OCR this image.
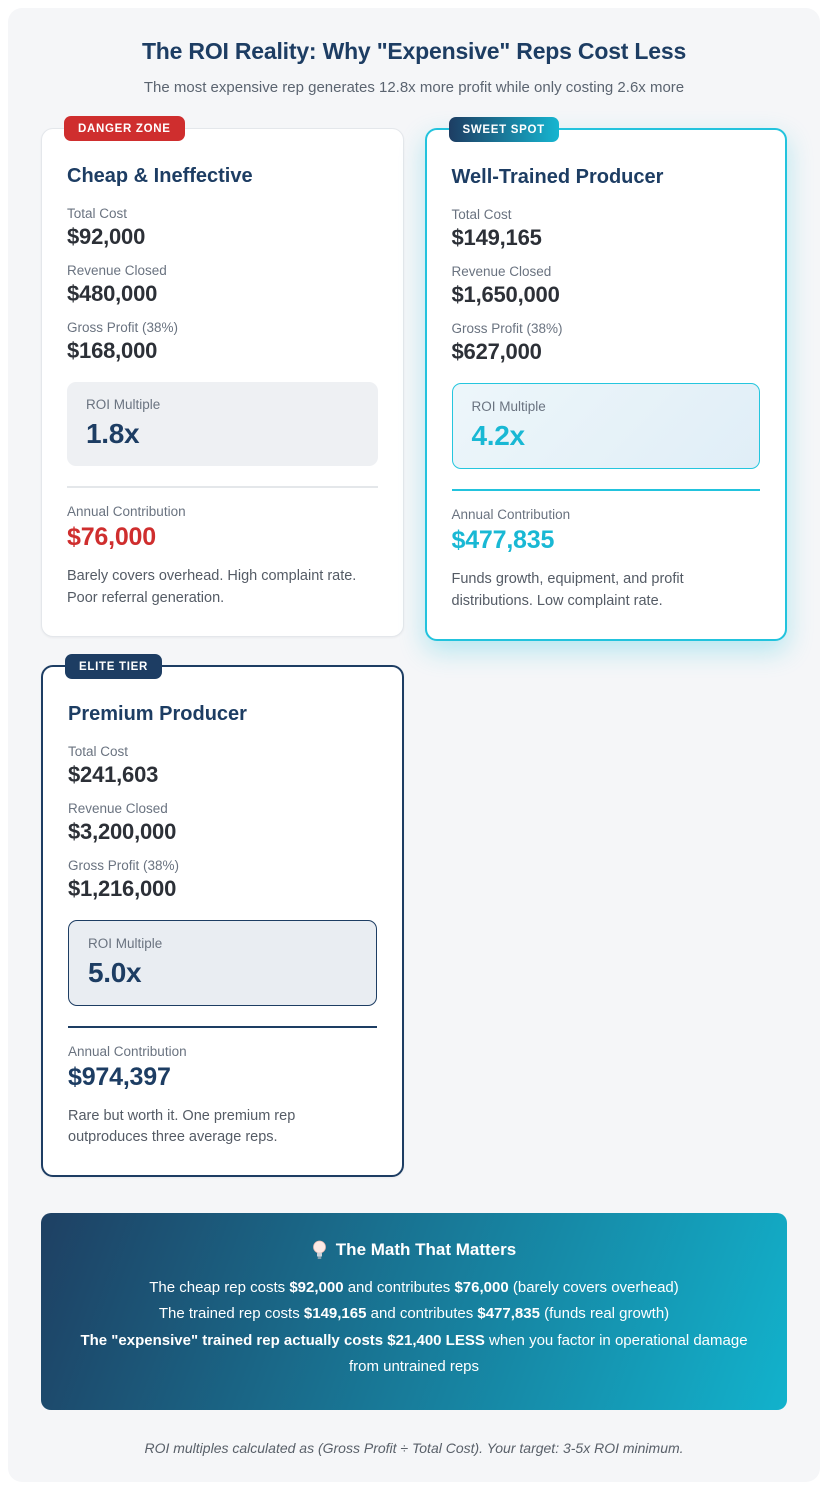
The ROI Reality: Why "Expensive" Reps Cost Less
The most expensive rep generates 12.8x more profit while only costing 2.6x more
DANGER ZONE
Cheap & Ineffective
Total Cost
$92,000
Revenue Closed
$480,000
Gross Profit (38%)
$168,000
ROI Multiple
1.8x
Annual Contribution
$76,000
Barely covers overhead. High complaint rate. Poor referral generation.
SWEET SPOT
Well-Trained Producer
Total Cost
$149,165
Revenue Closed
$1,650,000
Gross Profit (38%)
$627,000
ROI Multiple
4.2x
Annual Contribution
$477,835
Funds growth, equipment, and profit distributions. Low complaint rate.
ELITE TIER
Premium Producer
Total Cost
$241,603
Revenue Closed
$3,200,000
Gross Profit (38%)
$1,216,000
ROI Multiple
5.0x
Annual Contribution
$974,397
Rare but worth it. One premium rep outproduces three average reps.
The Math That Matters
The cheap rep costs $92,000 and contributes $76,000 (barely covers overhead)
The trained rep costs $149,165 and contributes $477,835 (funds real growth)
The "expensive" trained rep actually costs $21,400 LESS when you factor in operational damage from untrained reps
ROI multiples calculated as (Gross Profit ÷ Total Cost). Your target: 3-5x ROI minimum.
